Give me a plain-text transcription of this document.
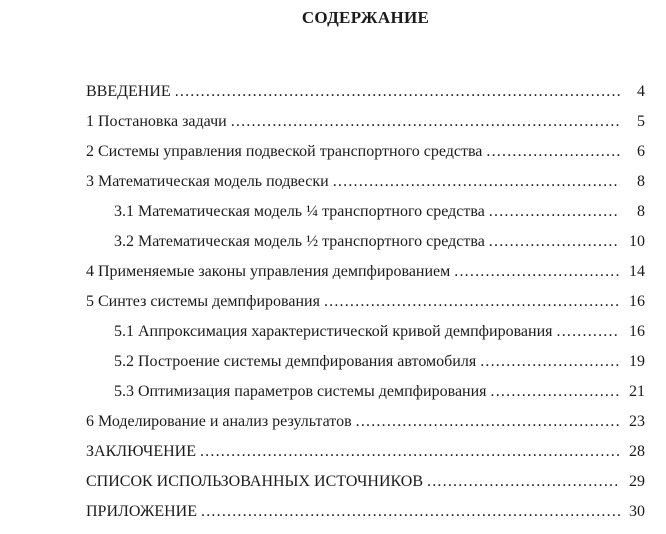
СОДЕРЖАНИЕ
ВВЕДЕНИЕ .....	4
1 Постановка задачи .....	5
2 Системы управления подвеской транспортного средства .....	6
3 Математическая модель подвески .....	8
3.1 Математическая модель ¼ транспортного средства .....	8
3.2 Математическая модель ½ транспортного средства .....	10
4 Применяемые законы управления демпфированием .....	14
5 Синтез системы демпфирования .....	16
5.1 Аппроксимация характеристической кривой демпфирования .....	16
5.2 Построение системы демпфирования автомобиля .....	19
5.3 Оптимизация параметров системы демпфирования .....	21
6 Моделирование и анализ результатов .....	23
ЗАКЛЮЧЕНИЕ .....	28
СПИСОК ИСПОЛЬЗОВАННЫХ ИСТОЧНИКОВ .....	29
ПРИЛОЖЕНИЕ .....	30
